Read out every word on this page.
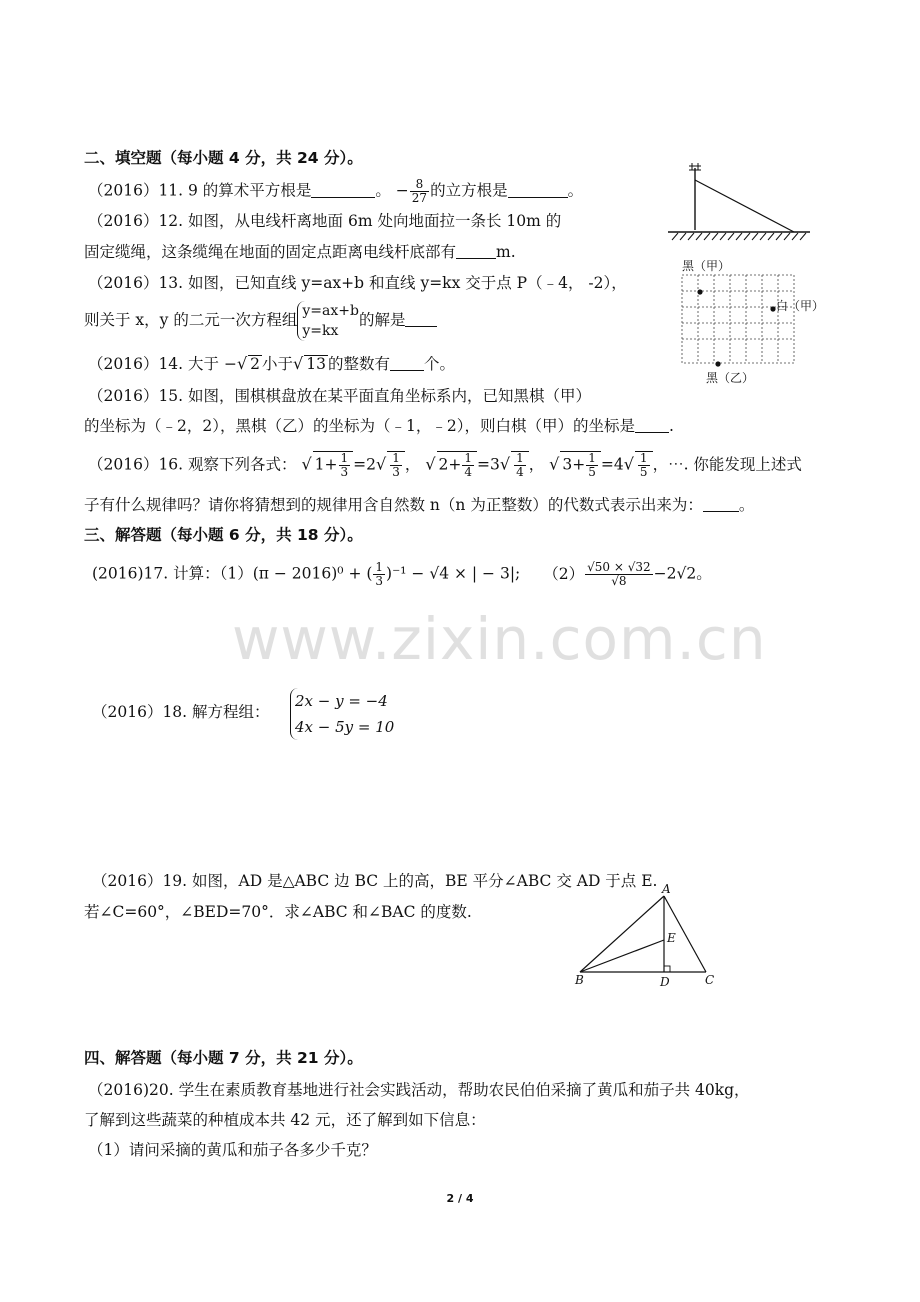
www.zixin.com.cn
二、填空题（每小题 4 分，共 24 分）。
（2016）11. 9 的算术平方根是	。 − $\frac{8}{27}$ 的立方根是	。
（2016）12. 如图，从电线杆离地面 6m 处向地面拉一条长 10m 的
固定缆绳，这条缆绳在地面的固定点距离电线杆底部有	m.
（2016）13. 如图，已知直线 y=ax+b 和直线 y=kx 交于点 P（﹣4， -2），
则关于 x，y 的二元一次方程组 y=ax+b
y=kx
的解是
黑（甲）
白（甲）
黑（乙）
（2016）14. 大于 −√ 2 小于√ 13 的整数有 个。
（2016）15. 如图，围棋棋盘放在某平面直角坐标系内，已知黑棋（甲）
的坐标为（﹣2，2），黑棋（乙）的坐标为（﹣1，﹣2），则白棋（甲）的坐标是 .
（2016）16. 观察下列各式： √ $1+ \frac{1}{3} =2√ \frac{1}{3}$ ， √ $2+ \frac{1}{4} =3√ \frac{1}{4}$ ， √ $3+ \frac{1}{5} =4√ \frac{1}{5}$ ，⋯. 你能发现上述式
子有什么规律吗？请你将猜想到的规律用含自然数 n（n 为正整数）的代数式表示出来为： 。
三、解答题（每小题 6 分，共 18 分）。
(2016)17. 计算：（1）(π − 2016)⁰ + ( $\frac{1}{3} )^{-1} - √4$ × | − 3|; $(2) \frac{√50 \times √32}{√8} -2√2$。
（2016）18. 解方程组：
2x − y = −4
4x − 5y = 10
（2016）19. 如图，AD 是△ABC 边 BC 上的高，BE 平分∠ABC 交 AD 于点 E.
若∠C=60°，∠BED=70°．求∠ABC 和∠BAC 的度数.
A
B	C
D
E
四、解答题（每小题 7 分，共 21 分）。
（2016)20. 学生在素质教育基地进行社会实践活动，帮助农民伯伯采摘了黄瓜和茄子共 40kg，
了解到这些蔬菜的种植成本共 42 元，还了解到如下信息：
（1）请问采摘的黄瓜和茄子各多少千克？
2 / 4
